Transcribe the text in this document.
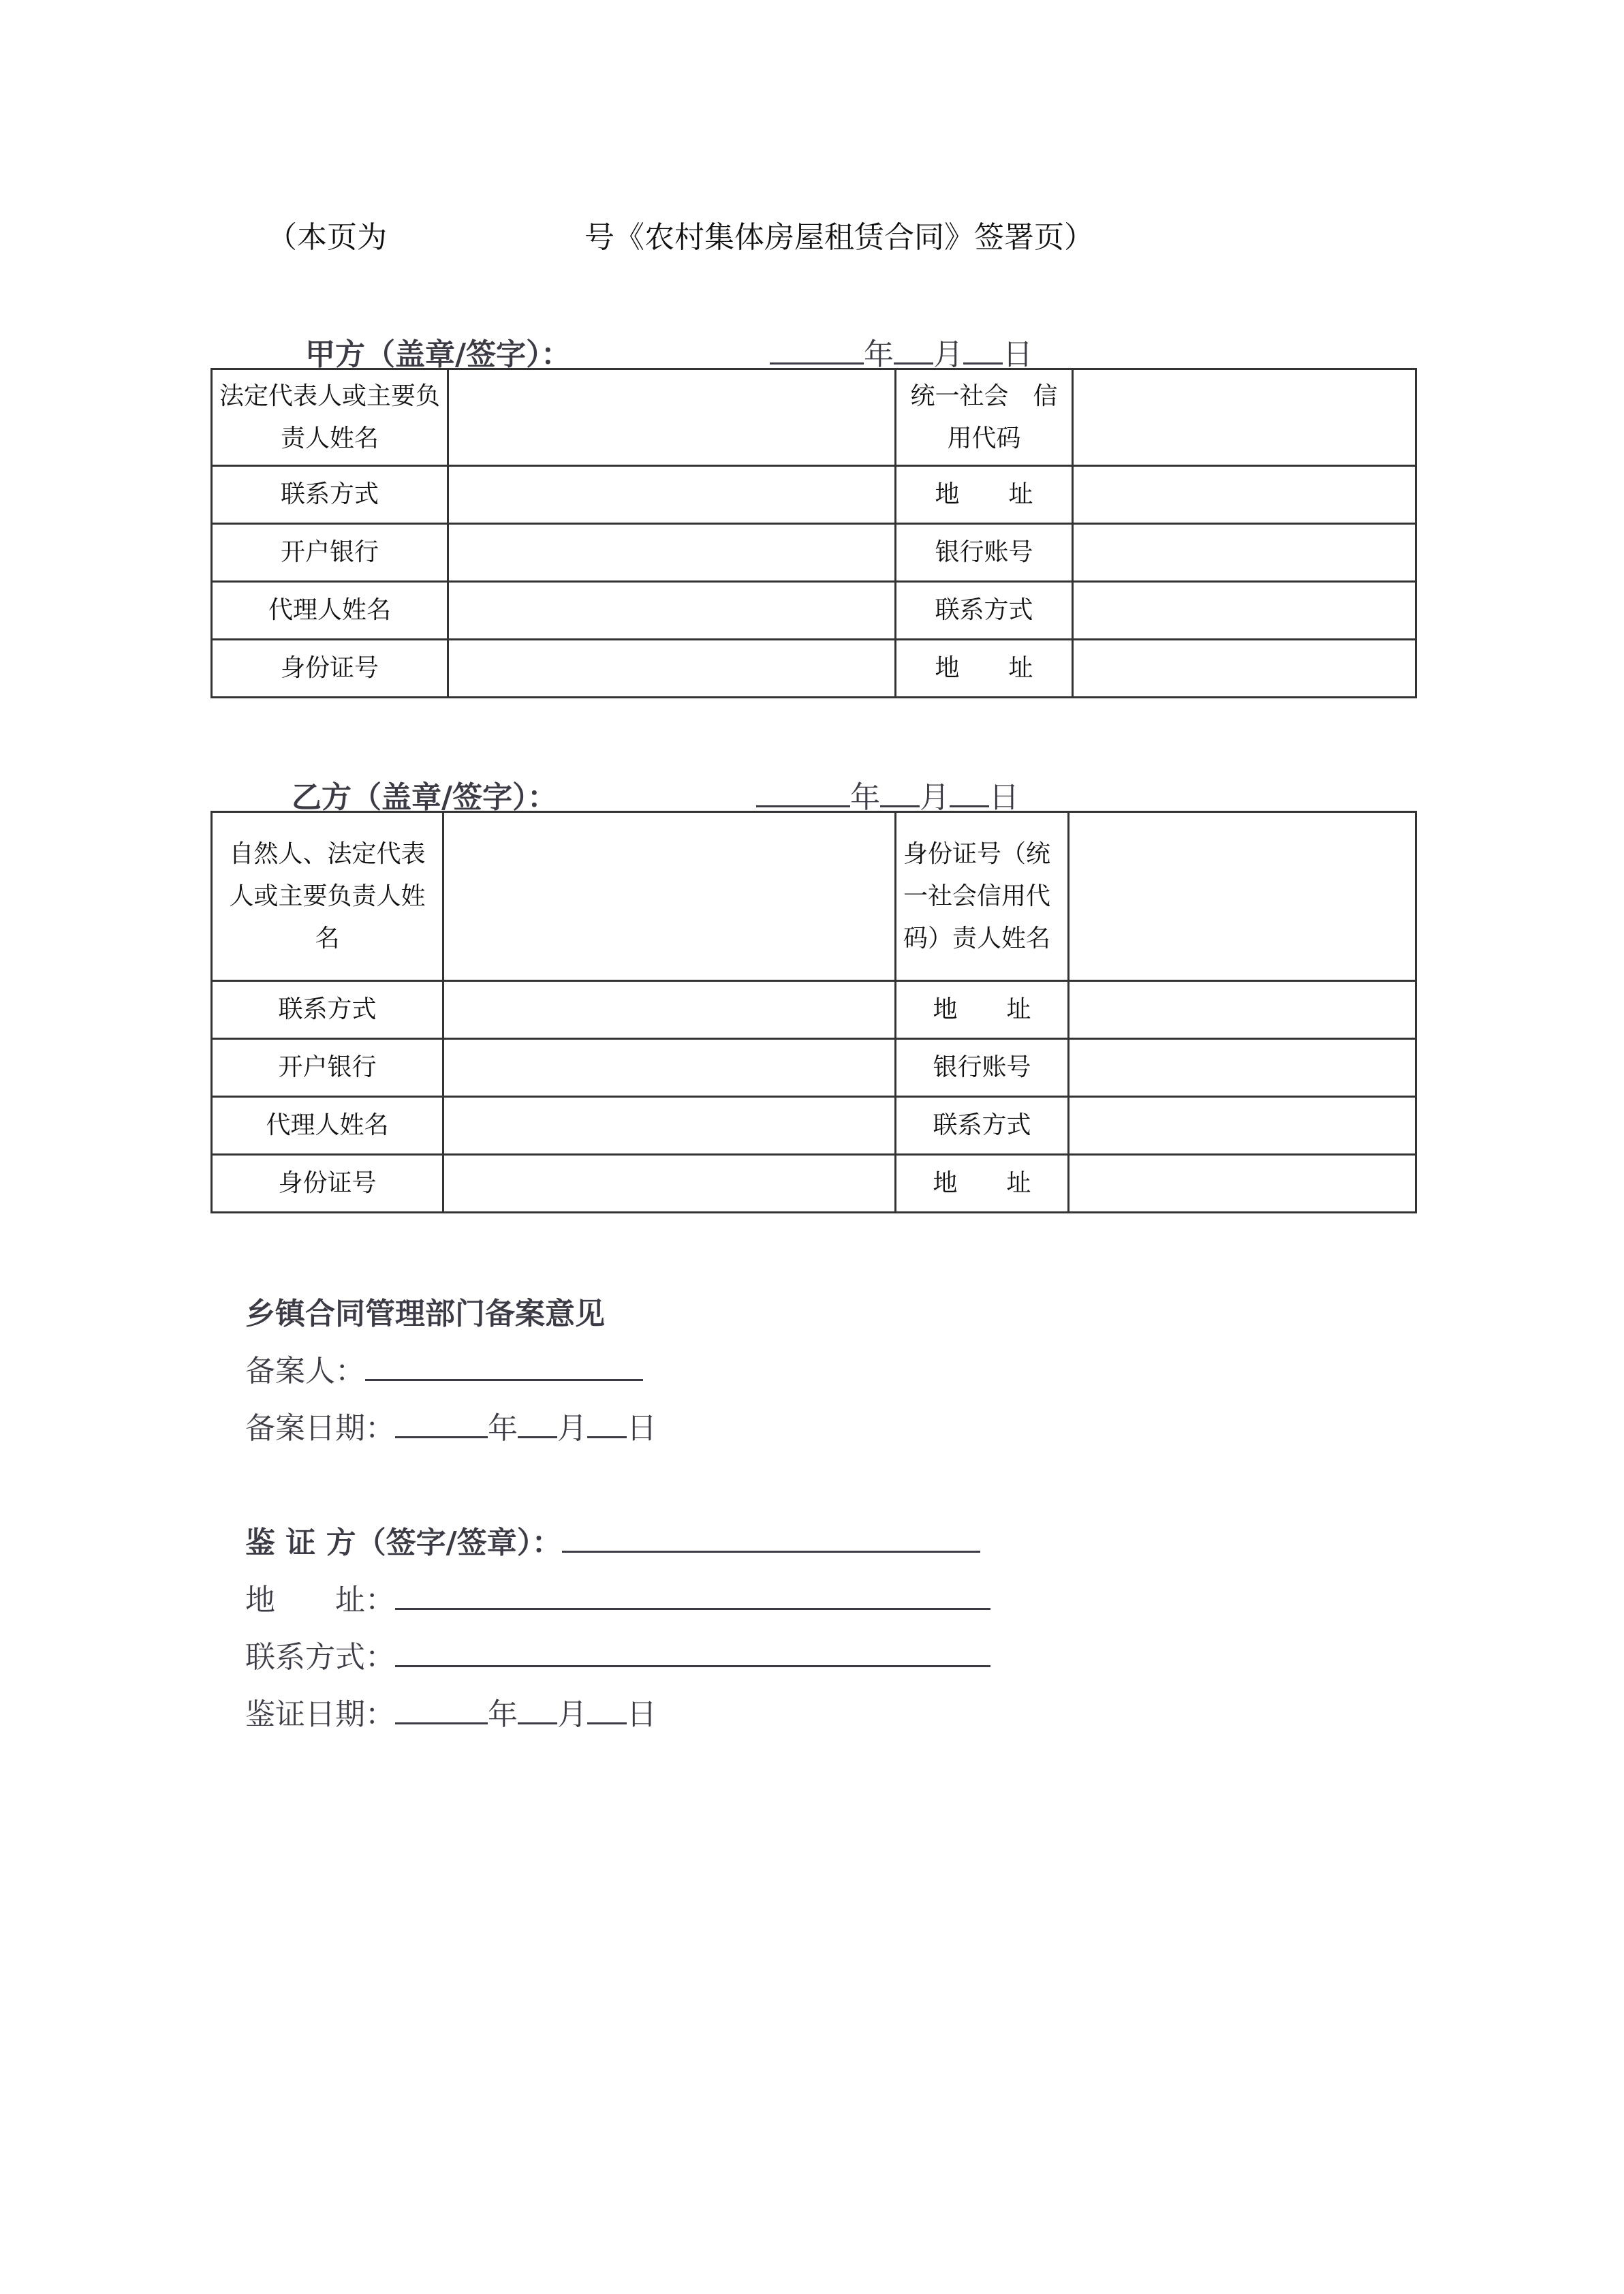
（本页为	号《农村集体房屋租赁合同》签署页）
甲方（盖章/签字）：	年 月 日
法定代表人或主要负责人姓名		统一社会　信用代码	
联系方式		地　　址	
开户银行		银行账号	
代理人姓名		联系方式	
身份证号		地　　址	
乙方（盖章/签字）：	年 月 日
自然人、法定代表人或主要负责人姓名		身份证号（统一社会信用代码）责人姓名	
联系方式		地　　址	
开户银行		银行账号	
代理人姓名		联系方式	
身份证号		地　　址	
乡镇合同管理部门备案意见
备案人：
备案日期：	年 月 日
鉴 证 方（签字/签章）：
地　　址：
联系方式：
鉴证日期：	年 月 日
